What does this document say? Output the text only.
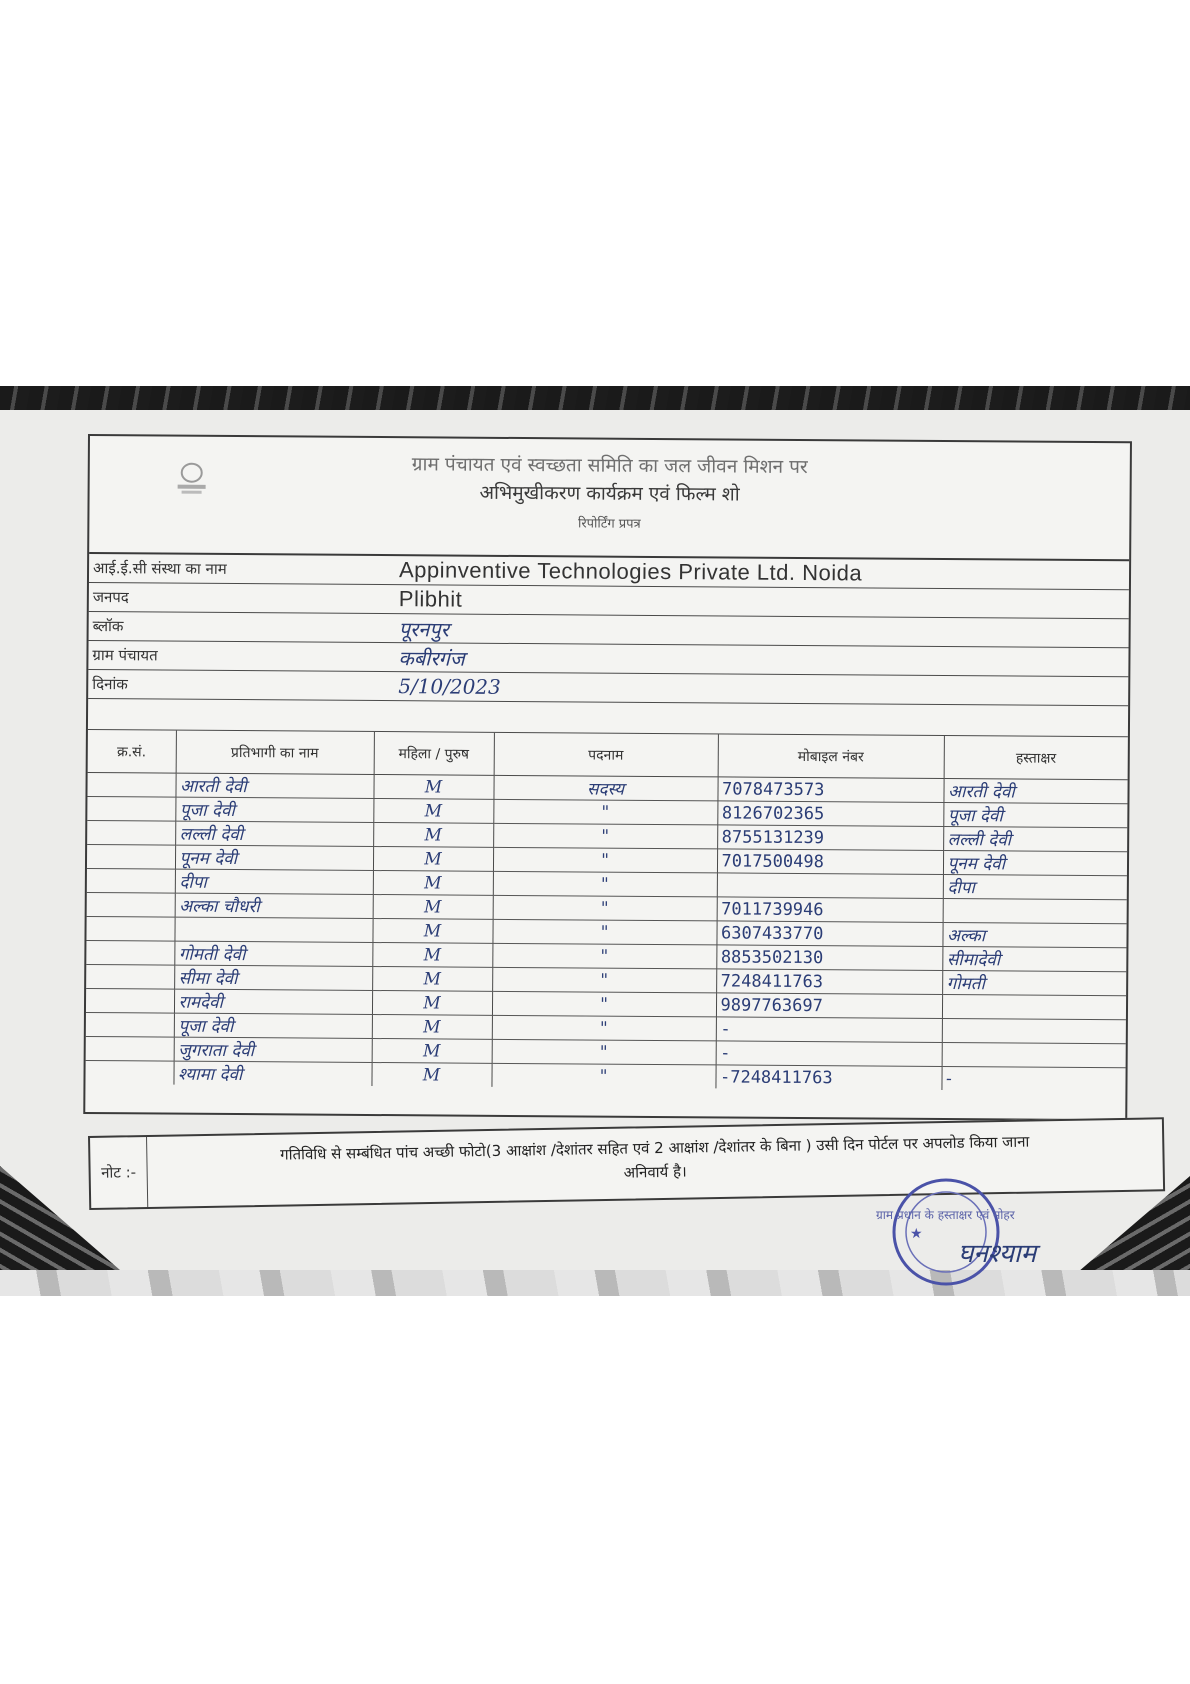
ग्राम पंचायत एवं स्वच्छता समिति का जल जीवन मिशन पर
अभिमुखीकरण कार्यक्रम एवं फिल्म शो
रिपोर्टिंग प्रपत्र
आई.ई.सी संस्था का नाम	Appinventive Technologies Private Ltd. Noida
जनपद	Plibhit
ब्लॉक	पूरनपुर
ग्राम पंचायत	कबीरगंज
दिनांक	5/10/2023
क्र.सं.	प्रतिभागी का नाम	महिला / पुरुष	पदनाम	मोबाइल नंबर	हस्ताक्षर
	आरती देवी	M	सदस्य	7078473573	आरती देवी
	पूजा देवी	M	"	8126702365	पूजा देवी
	लल्ली देवी	M	"	8755131239	लल्ली देवी
	पूनम देवी	M	"	7017500498	पूनम देवी
	दीपा	M	"		दीपा
	अल्का चौधरी	M	"	7011739946	
		M	"	6307433770	अल्का
	गोमती देवी	M	"	8853502130	सीमादेवी
	सीमा देवी	M	"	7248411763	गोमती
	रामदेवी	M	"	9897763697	
	पूजा देवी	M	"	-	
	जुगराता देवी	M	"	-	
	श्यामा देवी	M	"	-7248411763	-
नोट :-
गतिविधि से सम्बंधित पांच अच्छी फोटो(3 आक्षांश /देशांतर सहित एवं 2 आक्षांश /देशांतर के बिना ) उसी दिन पोर्टल पर अपलोड किया जाना
अनिवार्य है।
★
ग्राम प्रधान के हस्ताक्षर एवं मोहर
घनश्याम
